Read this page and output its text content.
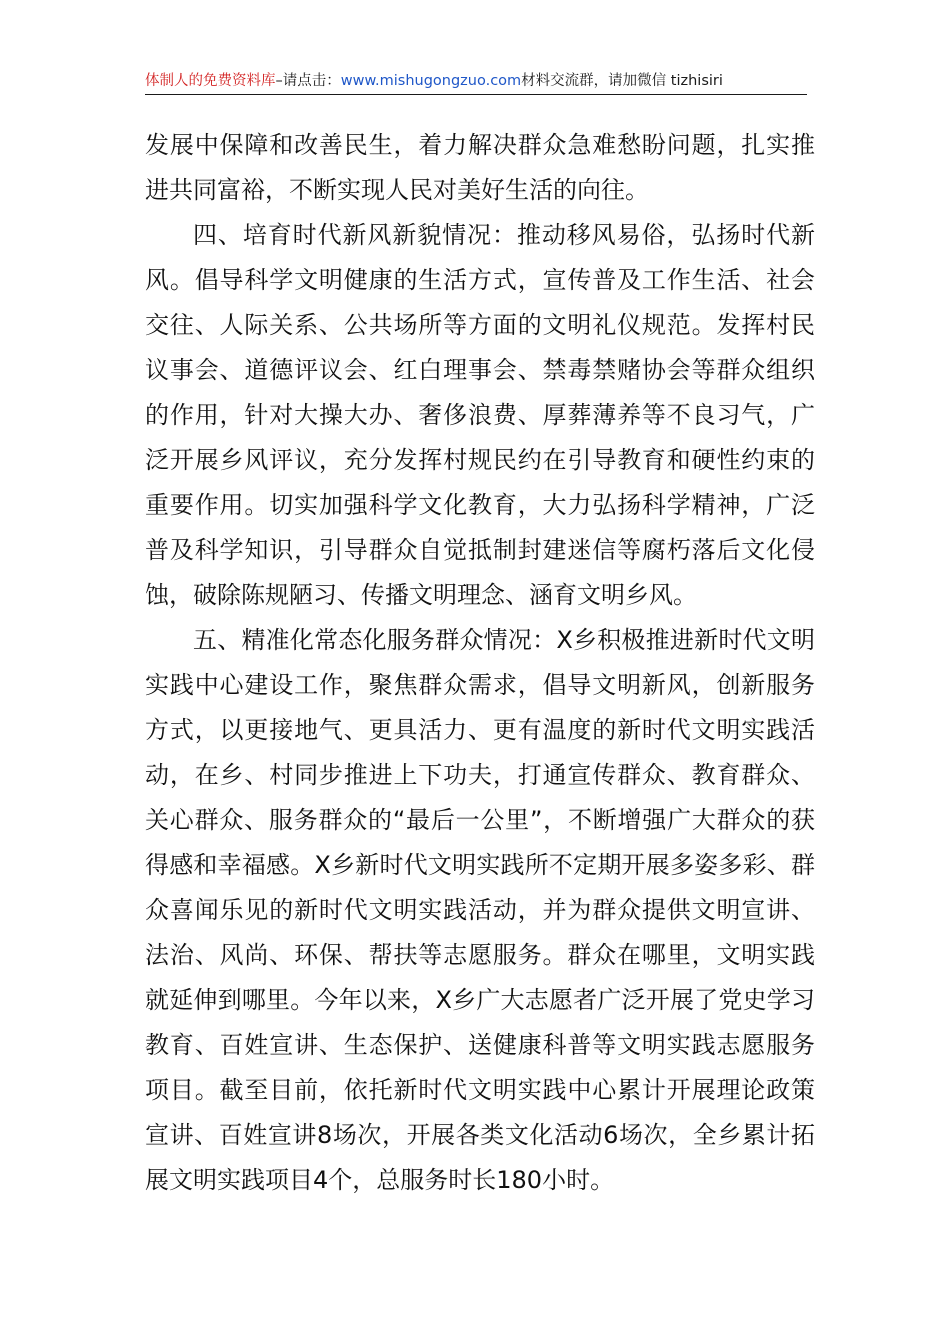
体制人的免费资料库–请点击：www.mishugongzuo.com材料交流群，请加微信 tizhisiri

发展中保障和改善民生，着力解决群众急难愁盼问题，扎实推进共同富裕，不断实现人民对美好生活的向往。

四、培育时代新风新貌情况：推动移风易俗，弘扬时代新风。倡导科学文明健康的生活方式，宣传普及工作生活、社会交往、人际关系、公共场所等方面的文明礼仪规范。发挥村民议事会、道德评议会、红白理事会、禁毒禁赌协会等群众组织的作用，针对大操大办、奢侈浪费、厚葬薄养等不良习气，广泛开展乡风评议，充分发挥村规民约在引导教育和硬性约束的重要作用。切实加强科学文化教育，大力弘扬科学精神，广泛普及科学知识，引导群众自觉抵制封建迷信等腐朽落后文化侵蚀，破除陈规陋习、传播文明理念、涵育文明乡风。

五、精准化常态化服务群众情况：X乡积极推进新时代文明实践中心建设工作，聚焦群众需求，倡导文明新风，创新服务方式，以更接地气、更具活力、更有温度的新时代文明实践活动，在乡、村同步推进上下功夫，打通宣传群众、教育群众、关心群众、服务群众的“最后一公里”，不断增强广大群众的获得感和幸福感。X乡新时代文明实践所不定期开展多姿多彩、群众喜闻乐见的新时代文明实践活动，并为群众提供文明宣讲、法治、风尚、环保、帮扶等志愿服务。群众在哪里，文明实践就延伸到哪里。今年以来，X乡广大志愿者广泛开展了党史学习教育、百姓宣讲、生态保护、送健康科普等文明实践志愿服务项目。截至目前，依托新时代文明实践中心累计开展理论政策宣讲、百姓宣讲8场次，开展各类文化活动6场次，全乡累计拓展文明实践项目4个，总服务时长180小时。
